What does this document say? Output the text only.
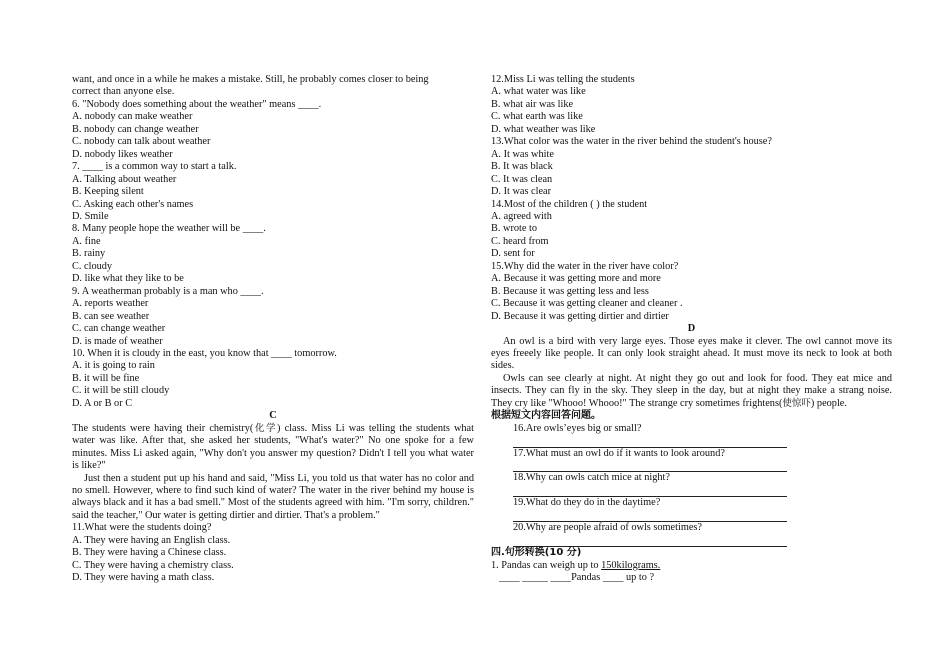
want, and once in a while he makes a mistake. Still, he probably comes closer to being
correct than anyone else.
6. "Nobody does something about the weather" means ____.
A. nobody can make weather
B. nobody can change weather
C. nobody can talk about weather
D. nobody likes weather
7. ____ is a common way to start a talk.
A. Talking about weather
B. Keeping silent
C. Asking each other's names
D. Smile
8. Many people hope the weather will be ____.
A. fine
B. rainy
C. cloudy
D. like what they like to be
9. A weatherman probably is a man who ____.
A. reports weather
B. can see weather
C. can change weather
D. is made of weather
10. When it is cloudy in the east, you know that ____ tomorrow.
A. it is going to rain
B. it will be fine
C. it will be still cloudy
D. A or B or C
C
The students were having their chemistry(化学) class. Miss Li was telling the students what water was like. After that, she asked her students, "What's water?" No one spoke for a few minutes. Miss Li asked again, "Why don't you answer my question? Didn't I tell you what water is like?"
Just then a student put up his hand and said, "Miss Li, you told us that water has no color and no smell. However, where to find such kind of water? The water in the river behind my house is always black and it has a bad smell." Most of the students agreed with him. "I'm sorry, children." said the teacher," Our water is getting dirtier and dirtier. That's a problem."
11.What were the students doing?
A. They were having an English class.
B. They were having a Chinese class.
C. They were having a chemistry class.
D. They were having a math class.
12.Miss Li was telling the students
A. what water was like
B. what air was like
C. what earth was like
D. what weather was like
13.What color was the water in the river behind the student's house?
A. It was white
B. It was black
C. It was clean
D. It was clear
14.Most of the children ( ) the student
A. agreed with
B. wrote to
C. heard from
D. sent for
15.Why did the water in the river have color?
A. Because it was getting more and more
B. Because it was getting less and less
C. Because it was getting cleaner and cleaner .
D. Because it was getting dirtier and dirtier
D
An owl is a bird with very large eyes. Those eyes make it clever. The owl cannot move its eyes freeely like people. It can only look straight ahead. It must move its neck to look at both sides.
Owls can see clearly at night. At night they go out and look for food. They eat mice and insects. They can fly in the sky. They sleep in the day, but at night they make a strang noise. They cry like "Whooo! Whooo!" The strange cry sometimes frightens(使惊吓) people.
根据短文内容回答问题。
16.Are owls’eyes big or small?
17.What must an owl do if it wants to look around?
18.Why can owls catch mice at night?
19.What do they do in the daytime?
20.Why are people afraid of owls sometimes?
四.句形转换(10 分)
1. Pandas can weigh up to 150kilograms.
____ _____ ____Pandas ____ up to ?
